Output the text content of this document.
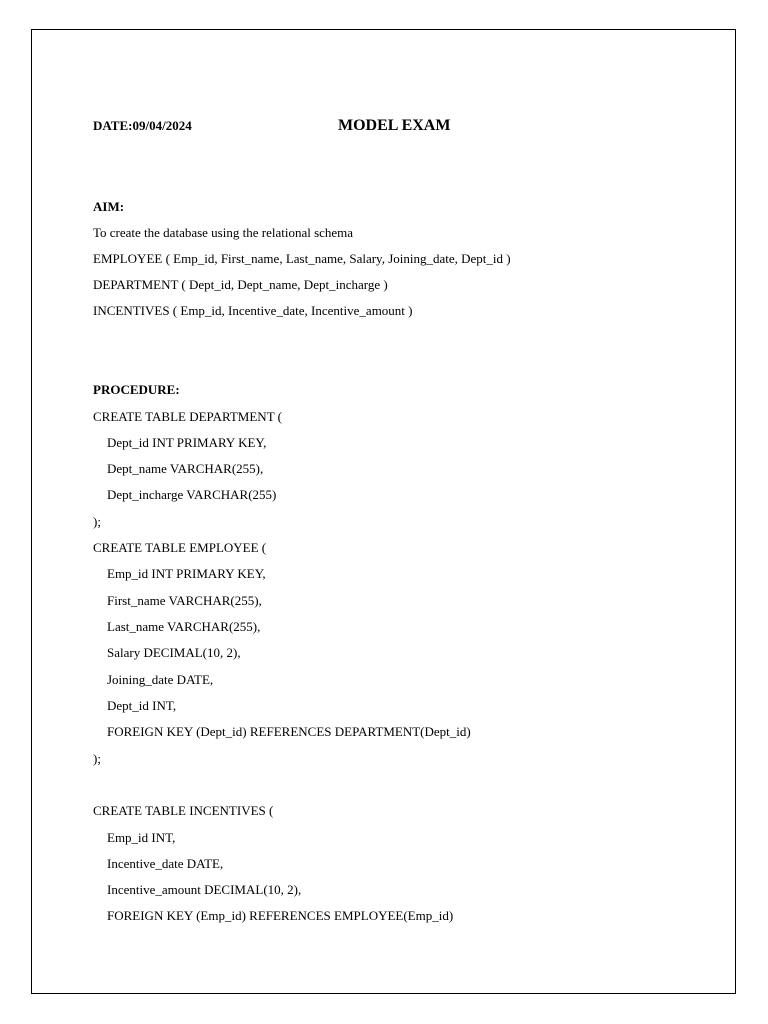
DATE:09/04/2024	MODEL EXAM
AIM:
To create the database using the relational schema
EMPLOYEE ( Emp_id, First_name, Last_name, Salary, Joining_date, Dept_id )
DEPARTMENT ( Dept_id, Dept_name, Dept_incharge )
INCENTIVES ( Emp_id, Incentive_date, Incentive_amount )
PROCEDURE:
CREATE TABLE DEPARTMENT (
Dept_id INT PRIMARY KEY,
Dept_name VARCHAR(255),
Dept_incharge VARCHAR(255)
);
CREATE TABLE EMPLOYEE (
Emp_id INT PRIMARY KEY,
First_name VARCHAR(255),
Last_name VARCHAR(255),
Salary DECIMAL(10, 2),
Joining_date DATE,
Dept_id INT,
FOREIGN KEY (Dept_id) REFERENCES DEPARTMENT(Dept_id)
);
CREATE TABLE INCENTIVES (
Emp_id INT,
Incentive_date DATE,
Incentive_amount DECIMAL(10, 2),
FOREIGN KEY (Emp_id) REFERENCES EMPLOYEE(Emp_id)
